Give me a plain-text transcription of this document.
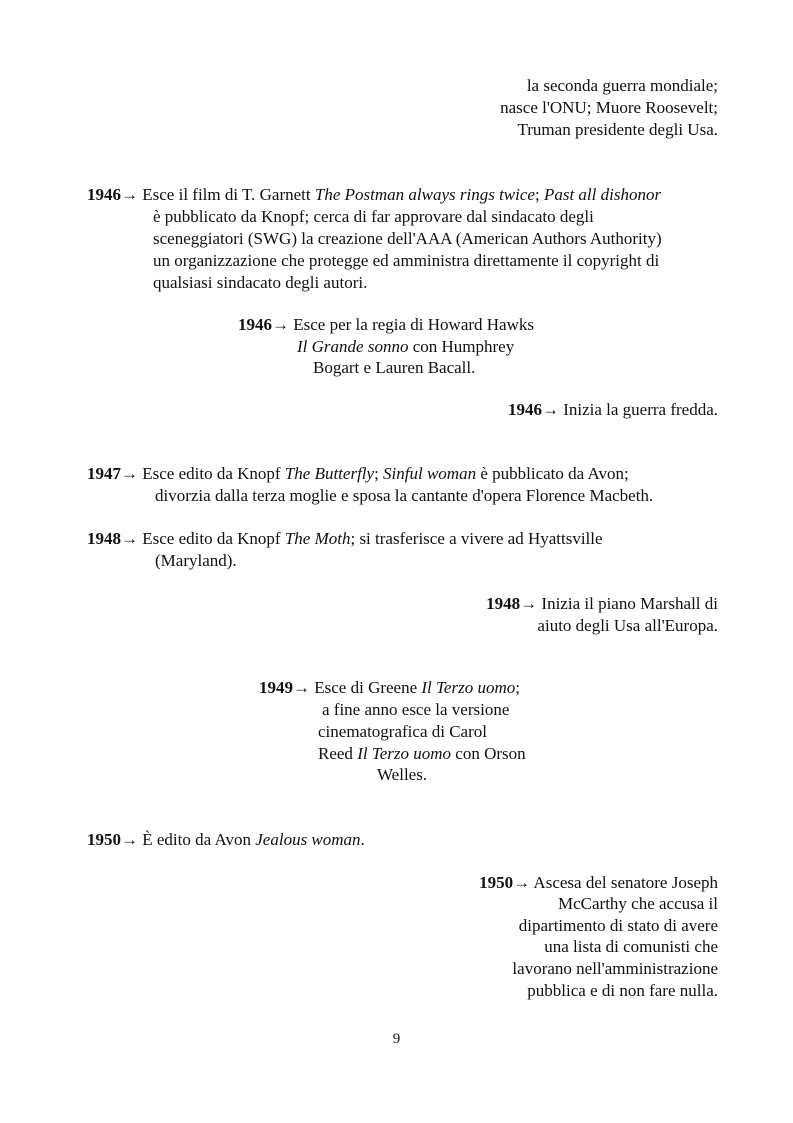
la seconda guerra mondiale;
nasce l'ONU; Muore Roosevelt;
Truman presidente degli Usa.
1946→ Esce il film di T. Garnett The Postman always rings twice; Past all dishonor
è pubblicato da Knopf; cerca di far approvare dal sindacato degli
sceneggiatori (SWG) la creazione dell'AAA (American Authors Authority)
un organizzazione che protegge ed amministra direttamente il copyright di
qualsiasi sindacato degli autori.
1946→ Esce per la regia di Howard Hawks
Il Grande sonno con Humphrey
Bogart e Lauren Bacall.
1946→ Inizia la guerra fredda.
1947→ Esce edito da Knopf The Butterfly; Sinful woman è pubblicato da Avon;
divorzia dalla terza moglie e sposa la cantante d'opera Florence Macbeth.
1948→ Esce edito da Knopf The Moth; si trasferisce a vivere ad Hyattsville
(Maryland).
1948→ Inizia il piano Marshall di
aiuto degli Usa all'Europa.
1949→ Esce di Greene Il Terzo uomo;
a fine anno esce la versione
cinematografica di Carol
Reed Il Terzo uomo con Orson
Welles.
1950→ È edito da Avon Jealous woman.
1950→ Ascesa del senatore Joseph
McCarthy che accusa il
dipartimento di stato di avere
una lista di comunisti che
lavorano nell'amministrazione
pubblica e di non fare nulla.
9
